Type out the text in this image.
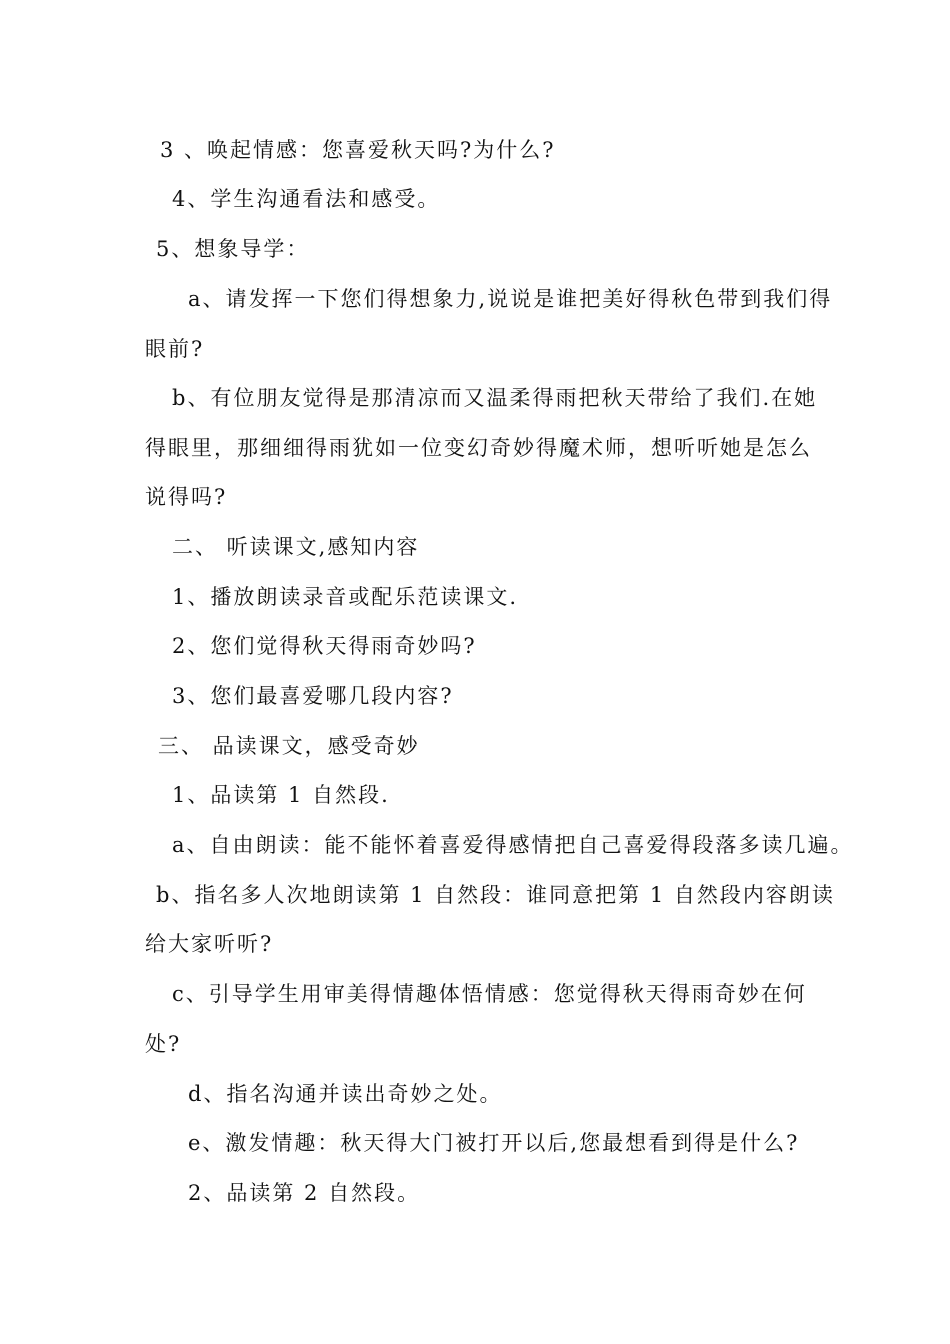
3 、唤起情感：您喜爱秋天吗?为什么?
4、学生沟通看法和感受。
5、想象导学：
a、请发挥一下您们得想象力,说说是谁把美好得秋色带到我们得
眼前?
b、有位朋友觉得是那清凉而又温柔得雨把秋天带给了我们.在她
得眼里，那细细得雨犹如一位变幻奇妙得魔术师，想听听她是怎么
说得吗?
二、 听读课文,感知内容
1、播放朗读录音或配乐范读课文.
2、您们觉得秋天得雨奇妙吗?
3、您们最喜爱哪几段内容?
三、 品读课文，感受奇妙
1、品读第 1 自然段.
a、自由朗读：能不能怀着喜爱得感情把自己喜爱得段落多读几遍。
b、指名多人次地朗读第 1 自然段：谁同意把第 1 自然段内容朗读
给大家听听?
c、引导学生用审美得情趣体悟情感：您觉得秋天得雨奇妙在何
处?
d、指名沟通并读出奇妙之处。
e、激发情趣：秋天得大门被打开以后,您最想看到得是什么?
2、品读第 2 自然段。
